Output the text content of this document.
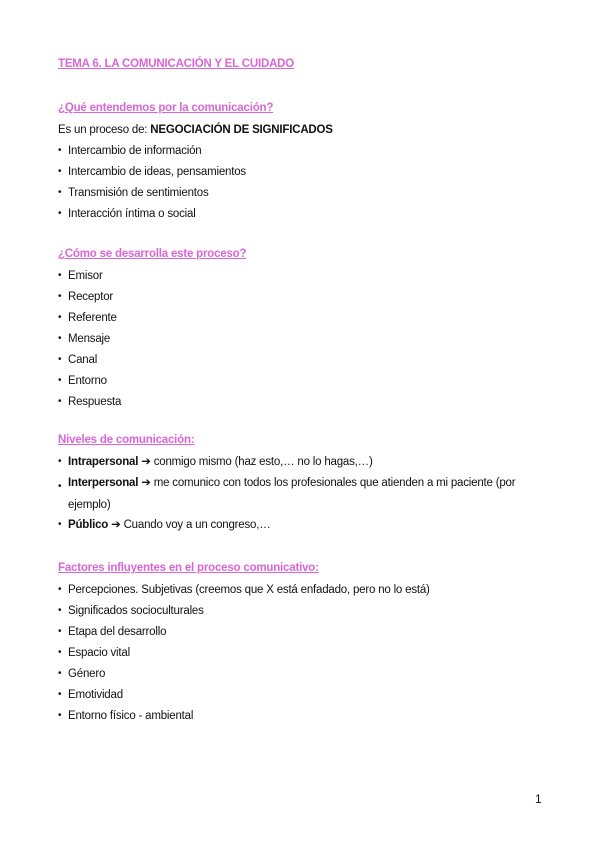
TEMA 6. LA COMUNICACIÓN Y EL CUIDADO
¿Qué entendemos por la comunicación?
Es un proceso de: NEGOCIACIÓN DE SIGNIFICADOS
• Intercambio de información
• Intercambio de ideas, pensamientos
• Transmisión de sentimientos
• Interacción íntima o social
¿Cómo se desarrolla este proceso?
• Emisor
• Receptor
• Referente
• Mensaje
• Canal
• Entorno
• Respuesta
Niveles de comunicación:
• Intrapersonal ➔ conmigo mismo (haz esto,… no lo hagas,…)
• Interpersonal ➔ me comunico con todos los profesionales que atienden a mi paciente (por ejemplo)
• Público ➔ Cuando voy a un congreso,…
Factores influyentes en el proceso comunicativo:
• Percepciones. Subjetivas (creemos que X está enfadado, pero no lo está)
• Significados socioculturales
• Etapa del desarrollo
• Espacio vital
• Género
• Emotividad
• Entorno físico - ambiental
1
